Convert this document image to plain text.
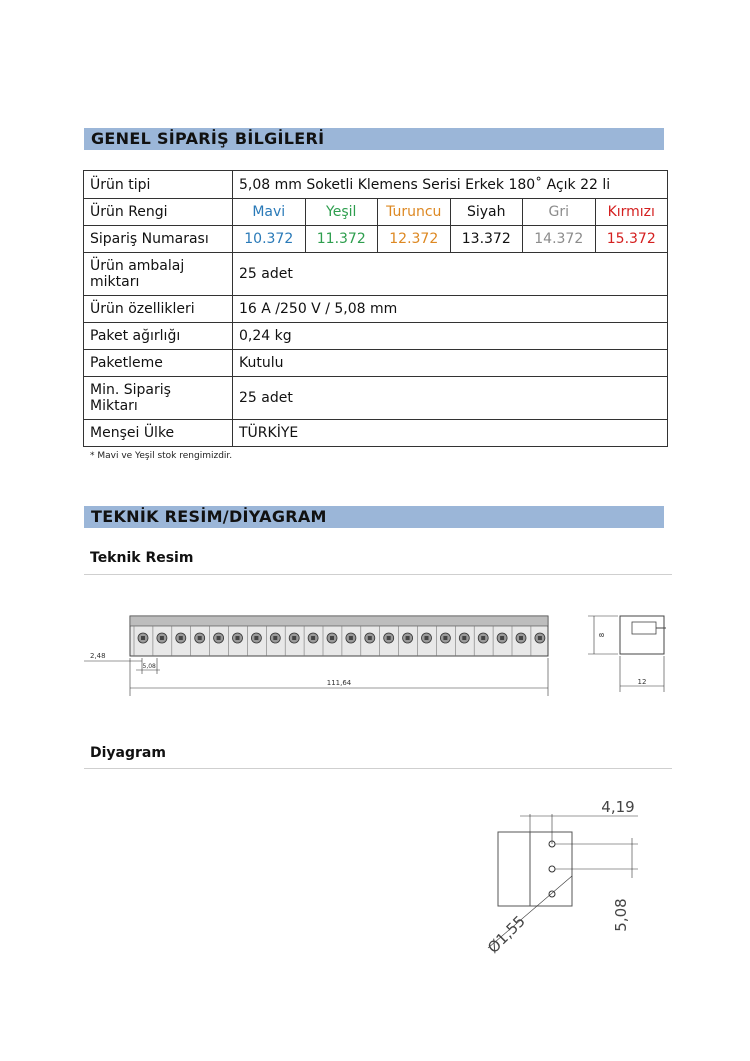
GENEL SİPARİŞ BİLGİLERİ
Ürün tipi	5,08 mm Soketli Klemens Serisi Erkek 180˚ Açık 22 li					
Ürün Rengi	Mavi	Yeşil	Turuncu	Siyah	Gri	Kırmızı
Sipariş Numarası	10.372	11.372	12.372	13.372	14.372	15.372

Ürün ambalaj
miktarı	25 adet					
Ürün özellikleri	16 A /250 V / 5,08 mm					
Paket ağırlığı	0,24 kg					
Paketleme	Kutulu					

Min. Sipariş
Miktarı	25 adet					
Menşei Ülke	TÜRKİYE					
* Mavi ve Yeşil stok rengimizdir.
TEKNİK RESİM/DİYAGRAM
Teknik Resim
111,64
2,48
5,08
8
12
Diyagram
4,19
5,08
Ø1,55
